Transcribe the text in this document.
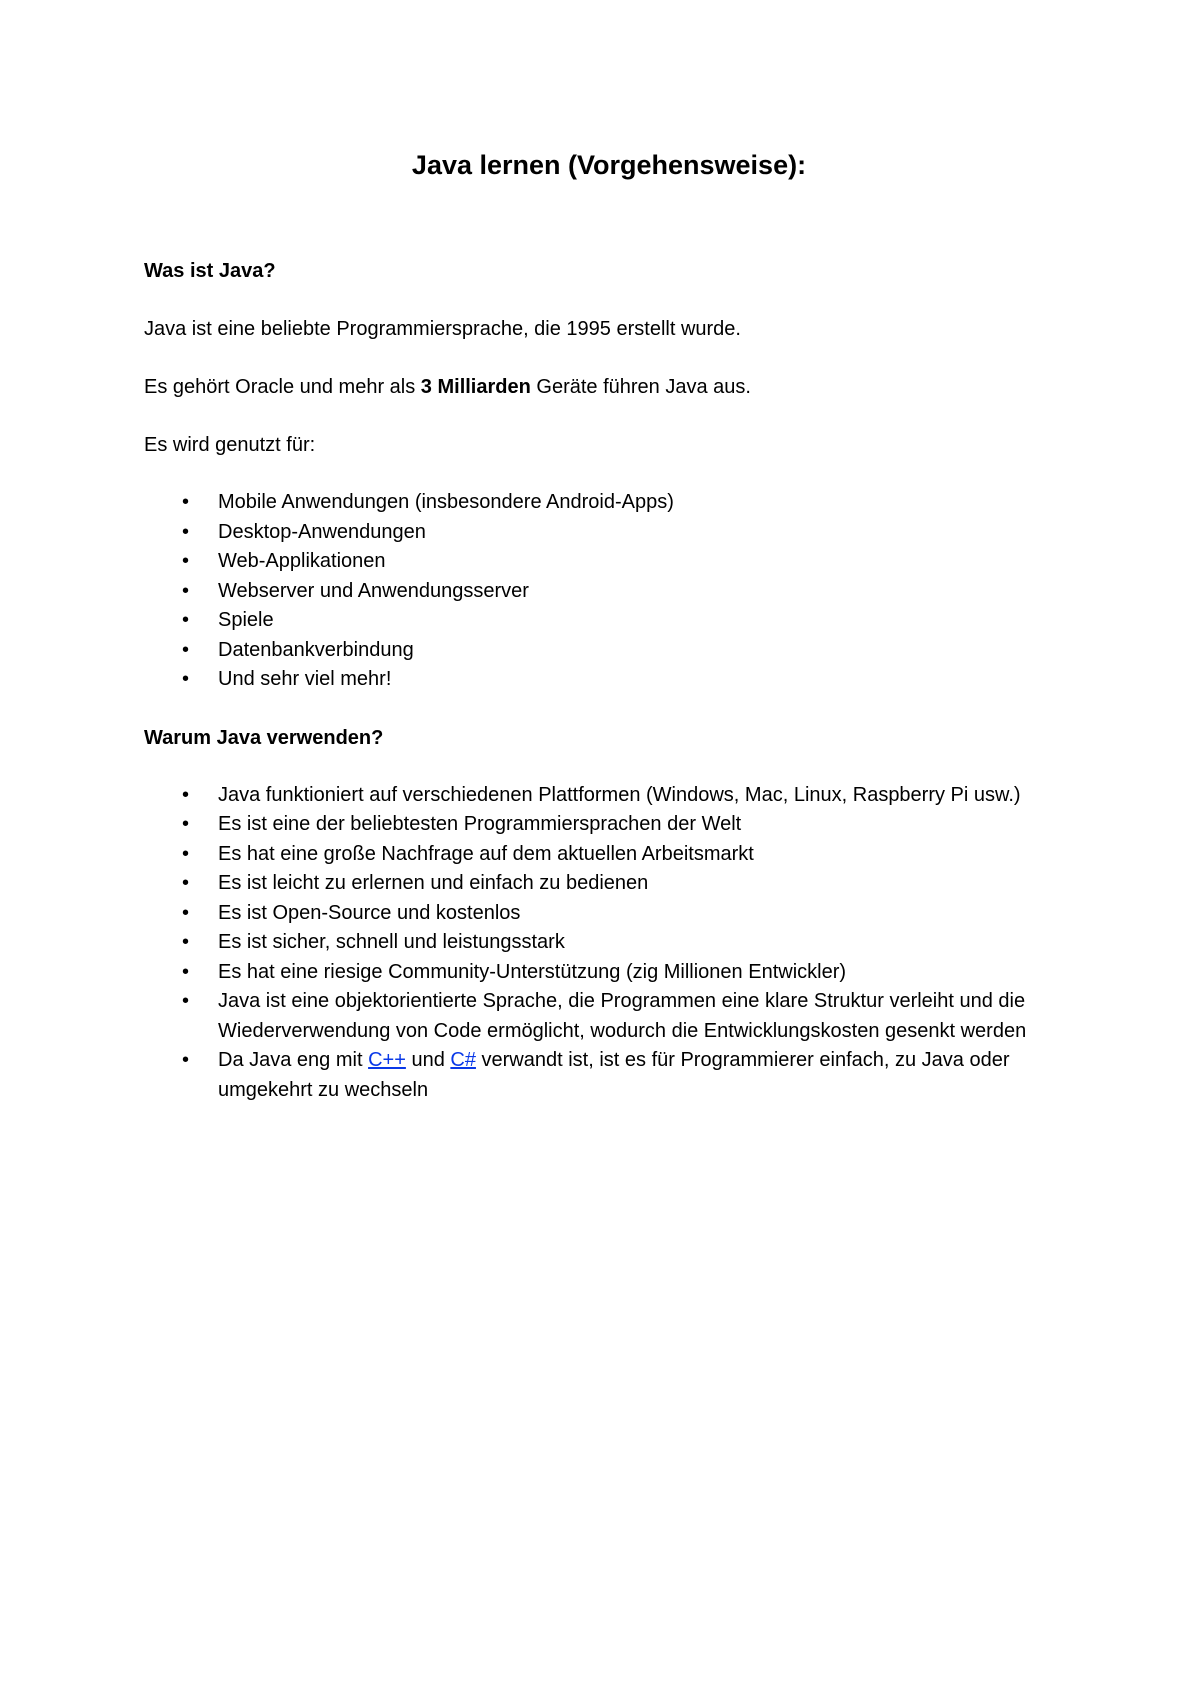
Java lernen (Vorgehensweise):

Was ist Java?

Java ist eine beliebte Programmiersprache, die 1995 erstellt wurde.

Es gehört Oracle und mehr als 3 Milliarden Geräte führen Java aus.

Es wird genutzt für:

• Mobile Anwendungen (insbesondere Android-Apps)
• Desktop-Anwendungen
• Web-Applikationen
• Webserver und Anwendungsserver
• Spiele
• Datenbankverbindung
• Und sehr viel mehr!

Warum Java verwenden?

• Java funktioniert auf verschiedenen Plattformen (Windows, Mac, Linux, Raspberry Pi usw.)
• Es ist eine der beliebtesten Programmiersprachen der Welt
• Es hat eine große Nachfrage auf dem aktuellen Arbeitsmarkt
• Es ist leicht zu erlernen und einfach zu bedienen
• Es ist Open-Source und kostenlos
• Es ist sicher, schnell und leistungsstark
• Es hat eine riesige Community-Unterstützung (zig Millionen Entwickler)
• Java ist eine objektorientierte Sprache, die Programmen eine klare Struktur verleiht und die Wiederverwendung von Code ermöglicht, wodurch die Entwicklungskosten gesenkt werden
• Da Java eng mit C++ und C# verwandt ist, ist es für Programmierer einfach, zu Java oder umgekehrt zu wechseln
